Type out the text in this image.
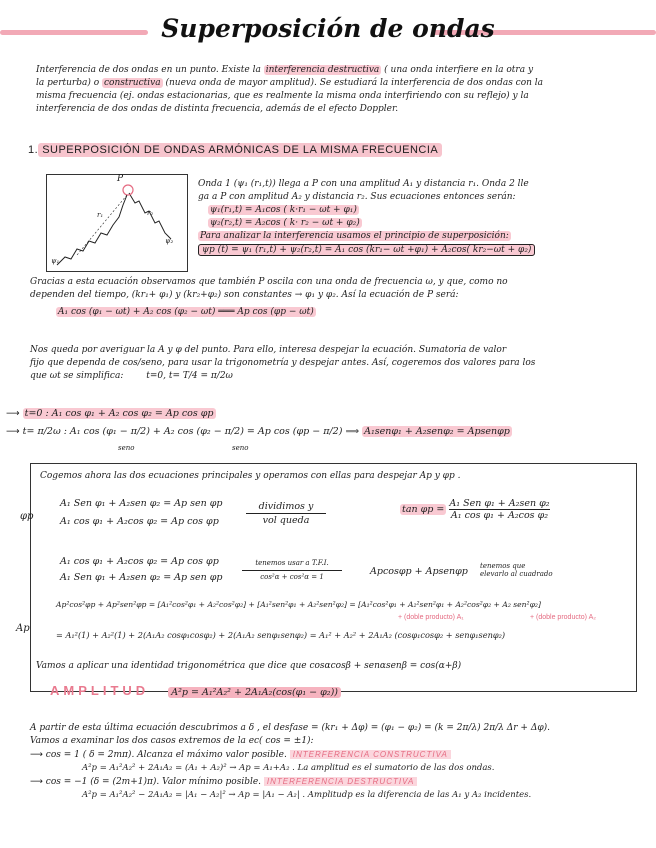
Superposición de ondas
Interferencia de dos ondas en un punto. Existe la interferencia destructiva ( una onda interfiere en la otra y
la perturba) o constructiva (nueva onda de mayor amplitud). Se estudiará la interferencia de dos ondas con la
misma frecuencia (ej. ondas estacionarias, que es realmente la misma onda interfiriendo con su reflejo) y la
interferencia de dos ondas de distinta frecuencia, además de el efecto Doppler.
1. SUPERPOSICIÓN DE ONDAS ARMÓNICAS DE LA MISMA FRECUENCIA
P
r₁	r₂
ψ₁
ψ₂
Onda 1 (ψ₁ (r₁,t)) llega a P con una amplitud A₁ y distancia r₁. Onda 2 lle
ga a P con amplitud A₂ y distancia r₂. Sus ecuaciones entonces serán:
ψ₁(r₁,t) = A₁cos ( k·r₁ − ωt + φ₁)
ψ₂(r₂,t) = A₂cos ( k· r₂ − ωt + φ₂)
Para analizar la interferencia usamos el principio de superposición:
ψp (t) = ψ₁ (r₁,t) + ψ₂(r₂,t) = A₁ cos (kr₁− ωt +φ₁) + A₂cos( kr₂−ωt + φ₂)
Gracias a esta ecuación observamos que también P oscila con una onda de frecuencia ω, y que, como no
dependen del tiempo, (kr₁+ φ₁) y (kr₂+φ₂) son constantes → φ₁ y φ₂. Así la ecuación de P será:
A₁ cos (φ₁ − ωt) + A₂ cos (φ₂ − ωt) ═══ Ap cos (φp − ωt)
Nos queda por averiguar la A y φ del punto. Para ello, interesa despejar la ecuación. Sumatoria de valor
fijo que dependa de cos/seno, para usar la trigonometría y despejar antes. Así, cogeremos dos valores para los
que ωt se simplifica:	t=0, t= T/4 = π/2ω
⟶ t=0 : A₁ cos φ₁ + A₂ cos φ₂ = Ap cos φp
⟶ t= π/2ω : A₁ cos (φ₁ − π/2) + A₂ cos (φ₂ − π/2) = Ap cos (φp − π/2) ⟹ A₁senφ₁ + A₂senφ₂ = Apsenφp
seno	seno
Cogemos ahora las dos ecuaciones principales y operamos con ellas para despejar Ap y φp .
φp
A₁ Sen φ₁ + A₂sen φ₂ = Ap sen φp
A₁ cos φ₁ + A₂cos φ₂ = Ap cos φp
dividimos y
vol queda
tan φp =
A₁ Sen φ₁ + A₂sen φ₂
A₁ cos φ₁ + A₂cos φ₂
Ap
A₁ cos φ₁ + A₂cos φ₂ = Ap cos φp
A₁ Sen φ₁ + A₂sen φ₂ = Ap sen φp
tenemos usar a T.F.I.
cos²α + cos²α = 1	Apcosφp + Apsenφp tenemos que
elevarlo al cuadrado
Ap²cos²φp + Ap²sen²φp = [A₁²cos²φ₁ + A₂²cos²φ₂] + [A₁²sen²φ₁ + A₂²sen²φ₂] = [A₁²cos²φ₁ + A₂²sen²φ₁ + A₂²cos²φ₂ + A₂ sen²φ₂]
+ (doble producto) A₁	+ (doble producto) A₂
= A₁²(1) + A₂²(1) + 2(A₁A₂ cosφ₁cosφ₂) + 2(A₁A₂ senφ₁senφ₂) = A₁² + A₂² + 2A₁A₂ (cosφ₁cosφ₂ + senφ₁senφ₂)
Vamos a aplicar una identidad trigonométrica que dice que cosαcosβ + senαsenβ = cos(α+β)
AMPLITUD A²p = A₁²A₂² + 2A₁A₂(cos(φ₁ − φ₂))
A partir de esta última ecuación descubrimos a δ , el desfase = (kr₁ + Δφ) = (φ₁ − φ₂) = (k = 2π/λ) 2π/λ Δr + Δφ).
Vamos a examinar los dos casos extremos de la ec( cos = ±1):
⟶ cos = 1 ( δ = 2mπ). Alcanza el máximo valor posible. INTERFERENCIA CONSTRUCTIVA
A²p = A₁²A₂² + 2A₁A₂ = (A₁ + A₂)² → Ap = A₁+A₂ . La amplitud es el sumatorio de las dos ondas.
⟶ cos = −1 (δ = (2m+1)π). Valor mínimo posible. INTERFERENCIA DESTRUCTIVA
A²p = A₁²A₂² − 2A₁A₂ = |A₁ − A₂|² → Ap = |A₁ − A₂| . Amplitudp es la diferencia de las A₁ y A₂ incidentes.
